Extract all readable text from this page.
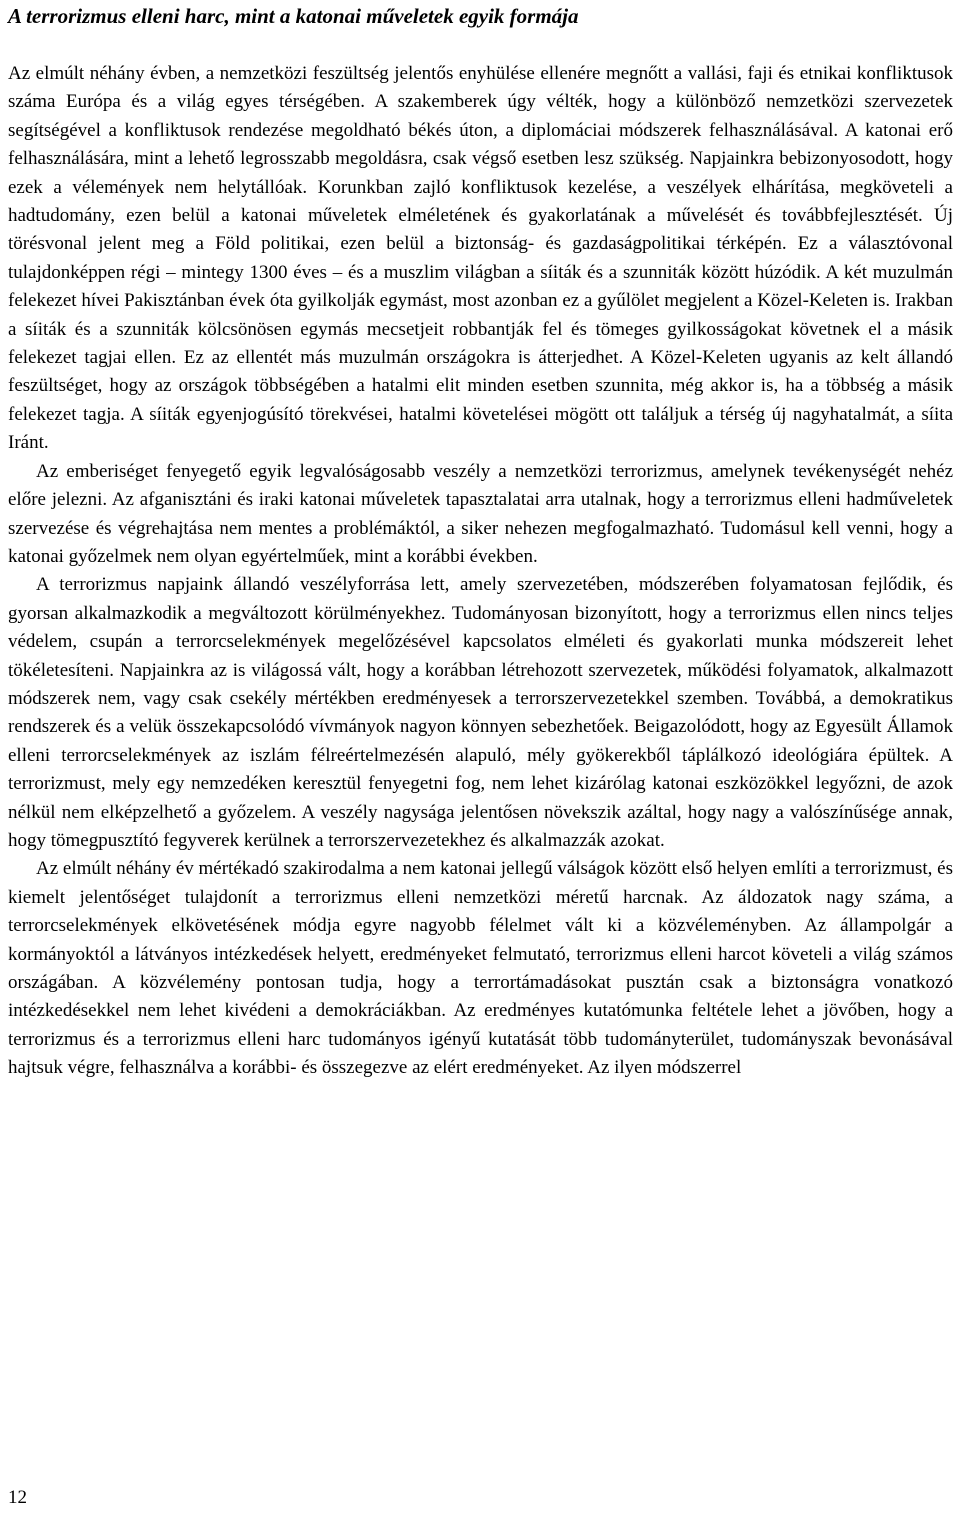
A terrorizmus elleni harc, mint a katonai műveletek egyik formája

Az elmúlt néhány évben, a nemzetközi feszültség jelentős enyhülése ellenére megnőtt a vallási, faji és etnikai konfliktusok száma Európa és a világ egyes térségében. A szakemberek úgy vélték, hogy a különböző nemzetközi szervezetek segítségével a konfliktusok rendezése megoldható békés úton, a diplomáciai módszerek felhasználásával. A katonai erő felhasználására, mint a lehető legrosszabb megoldásra, csak végső esetben lesz szükség. Napjainkra bebizonyosodott, hogy ezek a vélemények nem helytállóak. Korunkban zajló konfliktusok kezelése, a veszélyek elhárítása, megköveteli a hadtudomány, ezen belül a katonai műveletek elméletének és gyakorlatának a művelését és továbbfejlesztését. Új törésvonal jelent meg a Föld politikai, ezen belül a biztonság- és gazdaságpolitikai térképén. Ez a választóvonal tulajdonképpen régi – mintegy 1300 éves – és a muszlim világban a síiták és a szunniták között húzódik. A két muzulmán felekezet hívei Pakisztánban évek óta gyilkolják egymást, most azonban ez a gyűlölet megjelent a Közel-Keleten is. Irakban a síiták és a szunniták kölcsönösen egymás mecsetjeit robbantják fel és tömeges gyilkosságokat követnek el a másik felekezet tagjai ellen. Ez az ellentét más muzulmán országokra is átterjedhet. A Közel-Keleten ugyanis az kelt állandó feszültséget, hogy az országok többségében a hatalmi elit minden esetben szunnita, még akkor is, ha a többség a másik felekezet tagja. A síiták egyenjogúsító törekvései, hatalmi követelései mögött ott találjuk a térség új nagyhatalmát, a síita Iránt.

Az emberiséget fenyegető egyik legvalóságosabb veszély a nemzetközi terrorizmus, amelynek tevékenységét nehéz előre jelezni. Az afganisztáni és iraki katonai műveletek tapasztalatai arra utalnak, hogy a terrorizmus elleni hadműveletek szervezése és végrehajtása nem mentes a problémáktól, a siker nehezen megfogalmazható. Tudomásul kell venni, hogy a katonai győzelmek nem olyan egyértelműek, mint a korábbi években.

A terrorizmus napjaink állandó veszélyforrása lett, amely szervezetében, módszerében folyamatosan fejlődik, és gyorsan alkalmazkodik a megváltozott körülményekhez. Tudományosan bizonyított, hogy a terrorizmus ellen nincs teljes védelem, csupán a terrorcselekmények megelőzésével kapcsolatos elméleti és gyakorlati munka módszereit lehet tökéletesíteni. Napjainkra az is világossá vált, hogy a korábban létrehozott szervezetek, működési folyamatok, alkalmazott módszerek nem, vagy csak csekély mértékben eredményesek a terrorszervezetekkel szemben. Továbbá, a demokratikus rendszerek és a velük összekapcsolódó vívmányok nagyon könnyen sebezhetőek. Beigazolódott, hogy az Egyesült Államok elleni terrorcselekmények az iszlám félreértelmezésén alapuló, mély gyökerekből táplálkozó ideológiára épültek. A terrorizmust, mely egy nemzedéken keresztül fenyegetni fog, nem lehet kizárólag katonai eszközökkel legyőzni, de azok nélkül nem elképzelhető a győzelem. A veszély nagysága jelentősen növekszik azáltal, hogy nagy a valószínűsége annak, hogy tömegpusztító fegyverek kerülnek a terrorszervezetekhez és alkalmazzák azokat.

Az elmúlt néhány év mértékadó szakirodalma a nem katonai jellegű válságok között első helyen említi a terrorizmust, és kiemelt jelentőséget tulajdonít a terrorizmus elleni nemzetközi méretű harcnak. Az áldozatok nagy száma, a terrorcselekmények elkövetésének módja egyre nagyobb félelmet vált ki a közvéleményben. Az állampolgár a kormányoktól a látványos intézkedések helyett, eredményeket felmutató, terrorizmus elleni harcot követeli a világ számos országában. A közvélemény pontosan tudja, hogy a terrortámadásokat pusztán csak a biztonságra vonatkozó intézkedésekkel nem lehet kivédeni a demokráciákban. Az eredményes kutatómunka feltétele lehet a jövőben, hogy a terrorizmus és a terrorizmus elleni harc tudományos igényű kutatását több tudományterület, tudományszak bevonásával hajtsuk végre, felhasználva a korábbi- és összegezve az elért eredményeket. Az ilyen módszerrel

12
